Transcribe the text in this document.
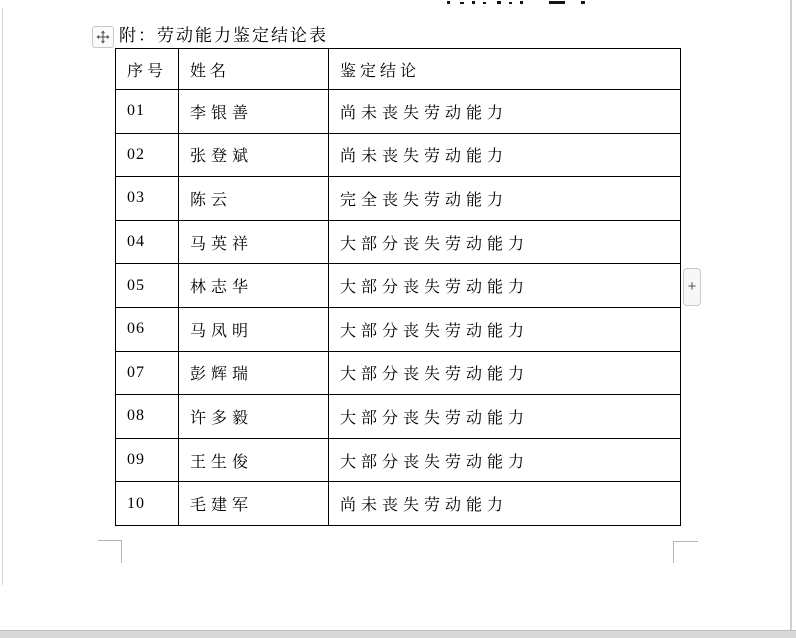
附：劳动能力鉴定结论表
序号	姓名	鉴定结论
01	李银善	尚未丧失劳动能力
02	张登斌	尚未丧失劳动能力
03	陈云	完全丧失劳动能力
04	马英祥	大部分丧失劳动能力
05	林志华	大部分丧失劳动能力
06	马凤明	大部分丧失劳动能力
07	彭辉瑞	大部分丧失劳动能力
08	许多毅	大部分丧失劳动能力
09	王生俊	大部分丧失劳动能力
10	毛建军	尚未丧失劳动能力
+
